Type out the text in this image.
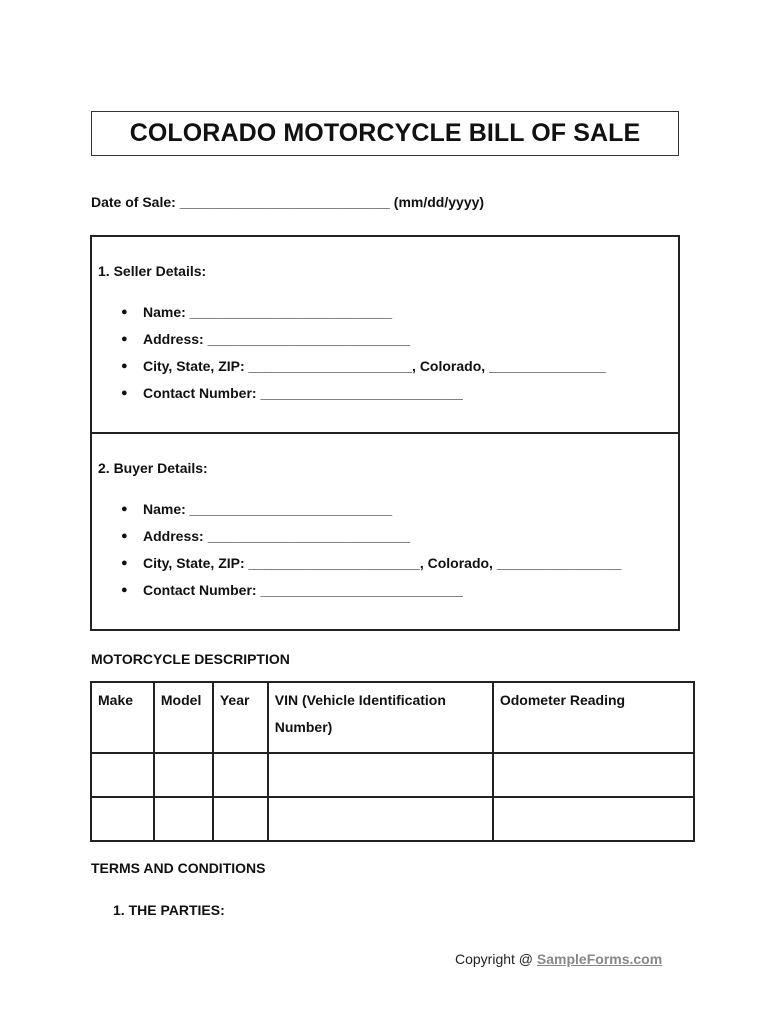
COLORADO MOTORCYCLE BILL OF SALE
Date of Sale: ___________________________ (mm/dd/yyyy)

1. Seller Details:

● Name: __________________________
● Address: __________________________
● City, State, ZIP: _____________________, Colorado, _______________
● Contact Number: __________________________

2. Buyer Details:

● Name: __________________________
● Address: __________________________
● City, State, ZIP: ______________________, Colorado, ________________
● Contact Number: __________________________

MOTORCYCLE DESCRIPTION

Make	Model	Year	VIN (Vehicle Identification Number)	Odometer Reading

TERMS AND CONDITIONS

1. THE PARTIES:

Copyright @ SampleForms.com
